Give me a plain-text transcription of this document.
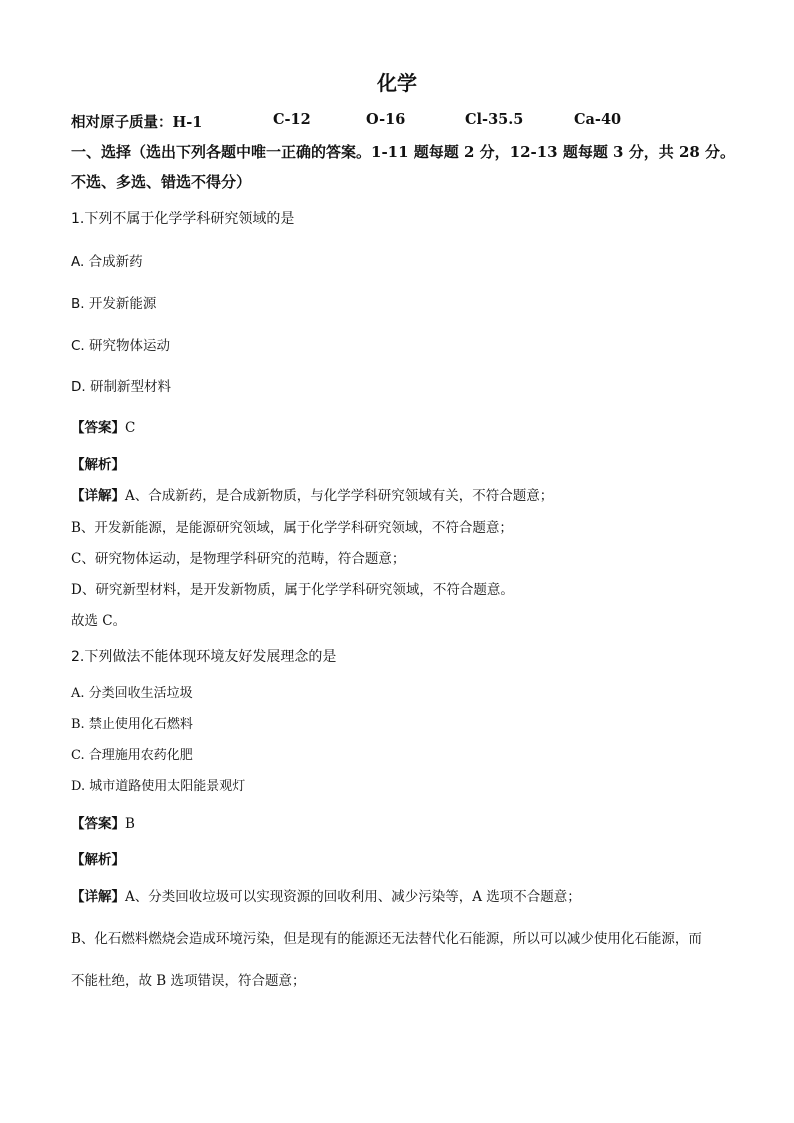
化学
相对原子质量：H-1	C-12	O-16	Cl-35.5	Ca-40
一、选择（选出下列各题中唯一正确的答案。1-11 题每题 2 分，12-13 题每题 3 分，共 28 分。
不选、多选、错选不得分）
1.下列不属于化学学科研究领域的是
A. 合成新药
B. 开发新能源
C. 研究物体运动
D. 研制新型材料
【答案】C
【解析】
【详解】A、合成新药，是合成新物质，与化学学科研究领域有关，不符合题意；
B、开发新能源，是能源研究领域，属于化学学科研究领域，不符合题意；
C、研究物体运动，是物理学科研究的范畴，符合题意；
D、研究新型材料，是开发新物质，属于化学学科研究领域，不符合题意。
故选 C。
2.下列做法不能体现环境友好发展理念的是
A. 分类回收生活垃圾
B. 禁止使用化石燃料
C. 合理施用农药化肥
D. 城市道路使用太阳能景观灯
【答案】B
【解析】
【详解】A、分类回收垃圾可以实现资源的回收利用、减少污染等，A 选项不合题意；
B、化石燃料燃烧会造成环境污染，但是现有的能源还无法替代化石能源，所以可以减少使用化石能源，而
不能杜绝，故 B 选项错误，符合题意；
